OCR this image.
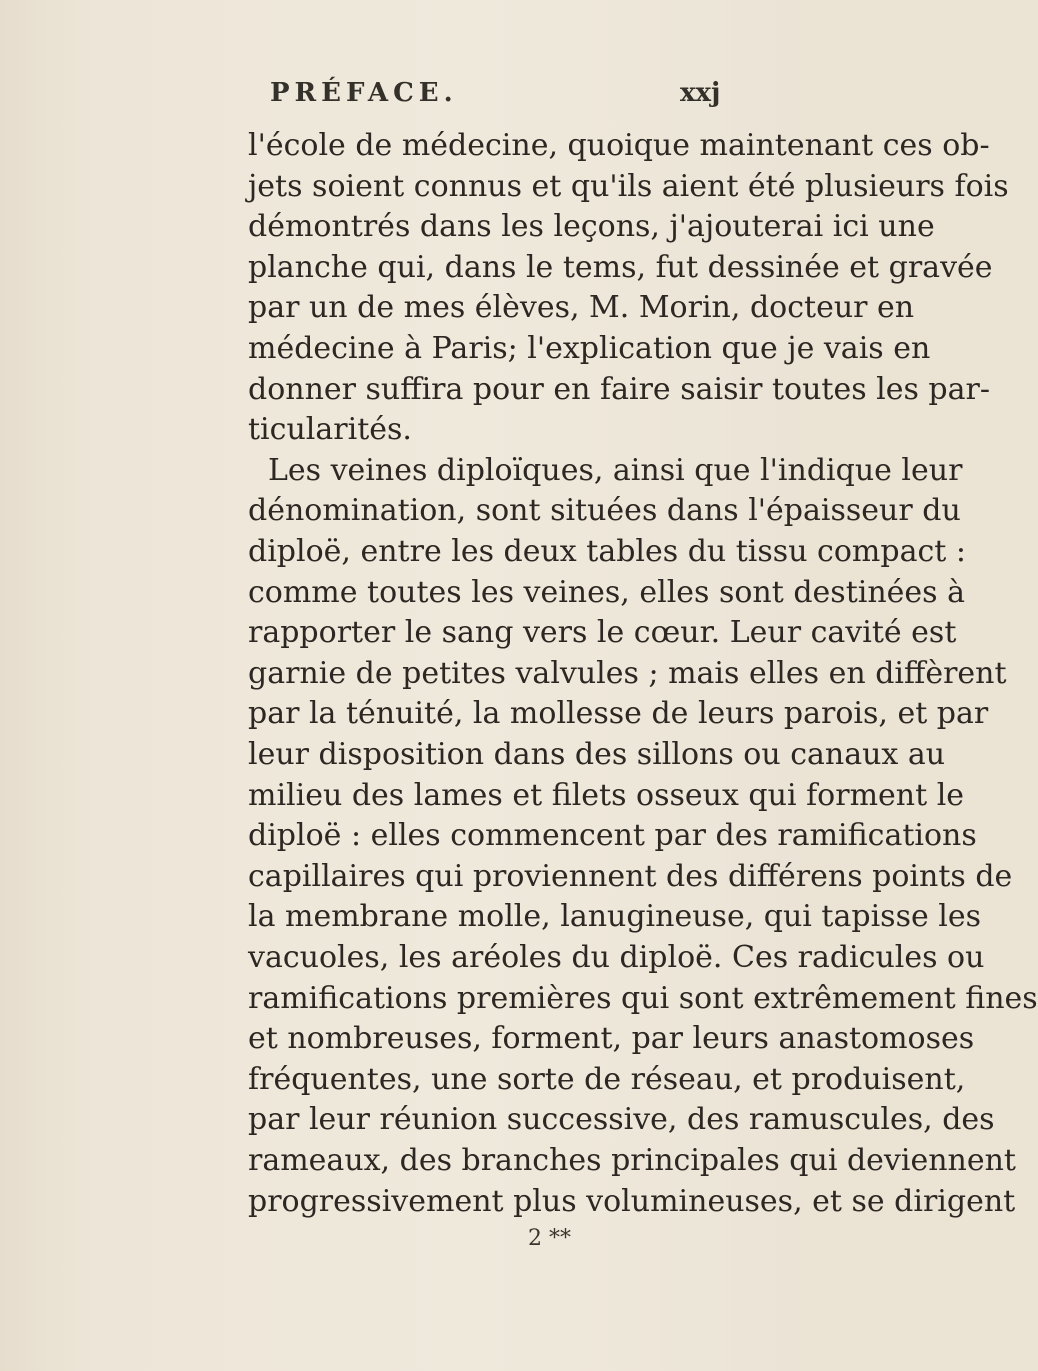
PRÉFACE.	xxj
l'école de médecine, quoique maintenant ces ob-
jets soient connus et qu'ils aient été plusieurs fois
démontrés dans les leçons, j'ajouterai ici une
planche qui, dans le tems, fut dessinée et gravée
par un de mes élèves, M. Morin, docteur en
médecine à Paris; l'explication que je vais en
donner suffira pour en faire saisir toutes les par-
ticularités.
Les veines diploïques, ainsi que l'indique leur
dénomination, sont situées dans l'épaisseur du
diploë, entre les deux tables du tissu compact :
comme toutes les veines, elles sont destinées à
rapporter le sang vers le cœur. Leur cavité est
garnie de petites valvules ; mais elles en diffèrent
par la ténuité, la mollesse de leurs parois, et par
leur disposition dans des sillons ou canaux au
milieu des lames et filets osseux qui forment le
diploë : elles commencent par des ramifications
capillaires qui proviennent des différens points de
la membrane molle, lanugineuse, qui tapisse les
vacuoles, les aréoles du diploë. Ces radicules ou
ramifications premières qui sont extrêmement fines
et nombreuses, forment, par leurs anastomoses
fréquentes, une sorte de réseau, et produisent,
par leur réunion successive, des ramuscules, des
rameaux, des branches principales qui deviennent
progressivement plus volumineuses, et se dirigent
2 **
